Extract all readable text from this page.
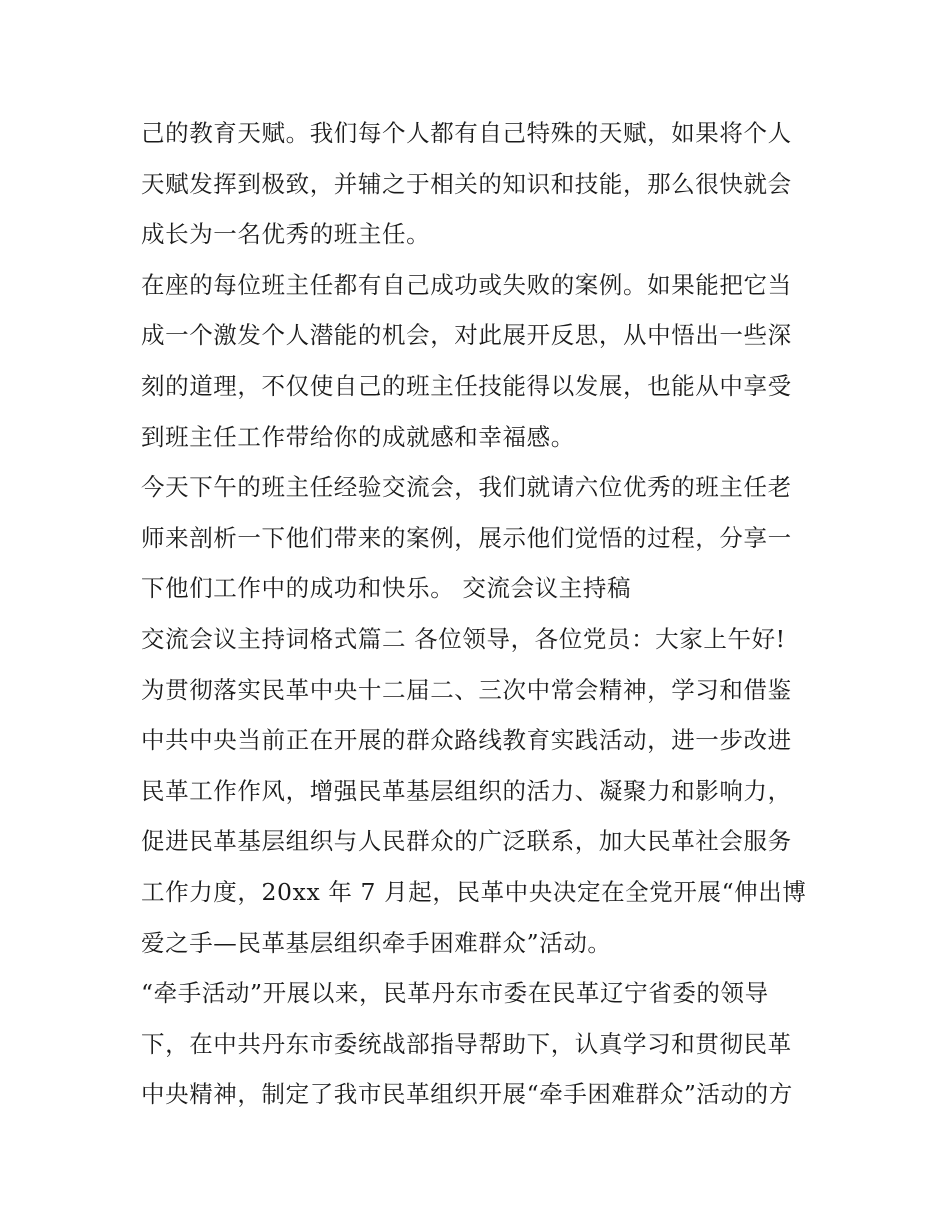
己的教育天赋。我们每个人都有自己特殊的天赋，如果将个人
天赋发挥到极致，并辅之于相关的知识和技能，那么很快就会
成长为一名优秀的班主任。
在座的每位班主任都有自己成功或失败的案例。如果能把它当
成一个激发个人潜能的机会，对此展开反思，从中悟出一些深
刻的道理，不仅使自己的班主任技能得以发展，也能从中享受
到班主任工作带给你的成就感和幸福感。
今天下午的班主任经验交流会，我们就请六位优秀的班主任老
师来剖析一下他们带来的案例，展示他们觉悟的过程，分享一
下他们工作中的成功和快乐。 交流会议主持稿
交流会议主持词格式篇二 各位领导，各位党员：大家上午好!
为贯彻落实民革中央十二届二、三次中常会精神，学习和借鉴
中共中央当前正在开展的群众路线教育实践活动，进一步改进
民革工作作风，增强民革基层组织的活力、凝聚力和影响力，
促进民革基层组织与人民群众的广泛联系，加大民革社会服务
工作力度，20xx 年 7 月起，民革中央决定在全党开展“伸出博
爱之手—民革基层组织牵手困难群众”活动。
“牵手活动”开展以来，民革丹东市委在民革辽宁省委的领导
下，在中共丹东市委统战部指导帮助下，认真学习和贯彻民革
中央精神，制定了我市民革组织开展“牵手困难群众”活动的方
